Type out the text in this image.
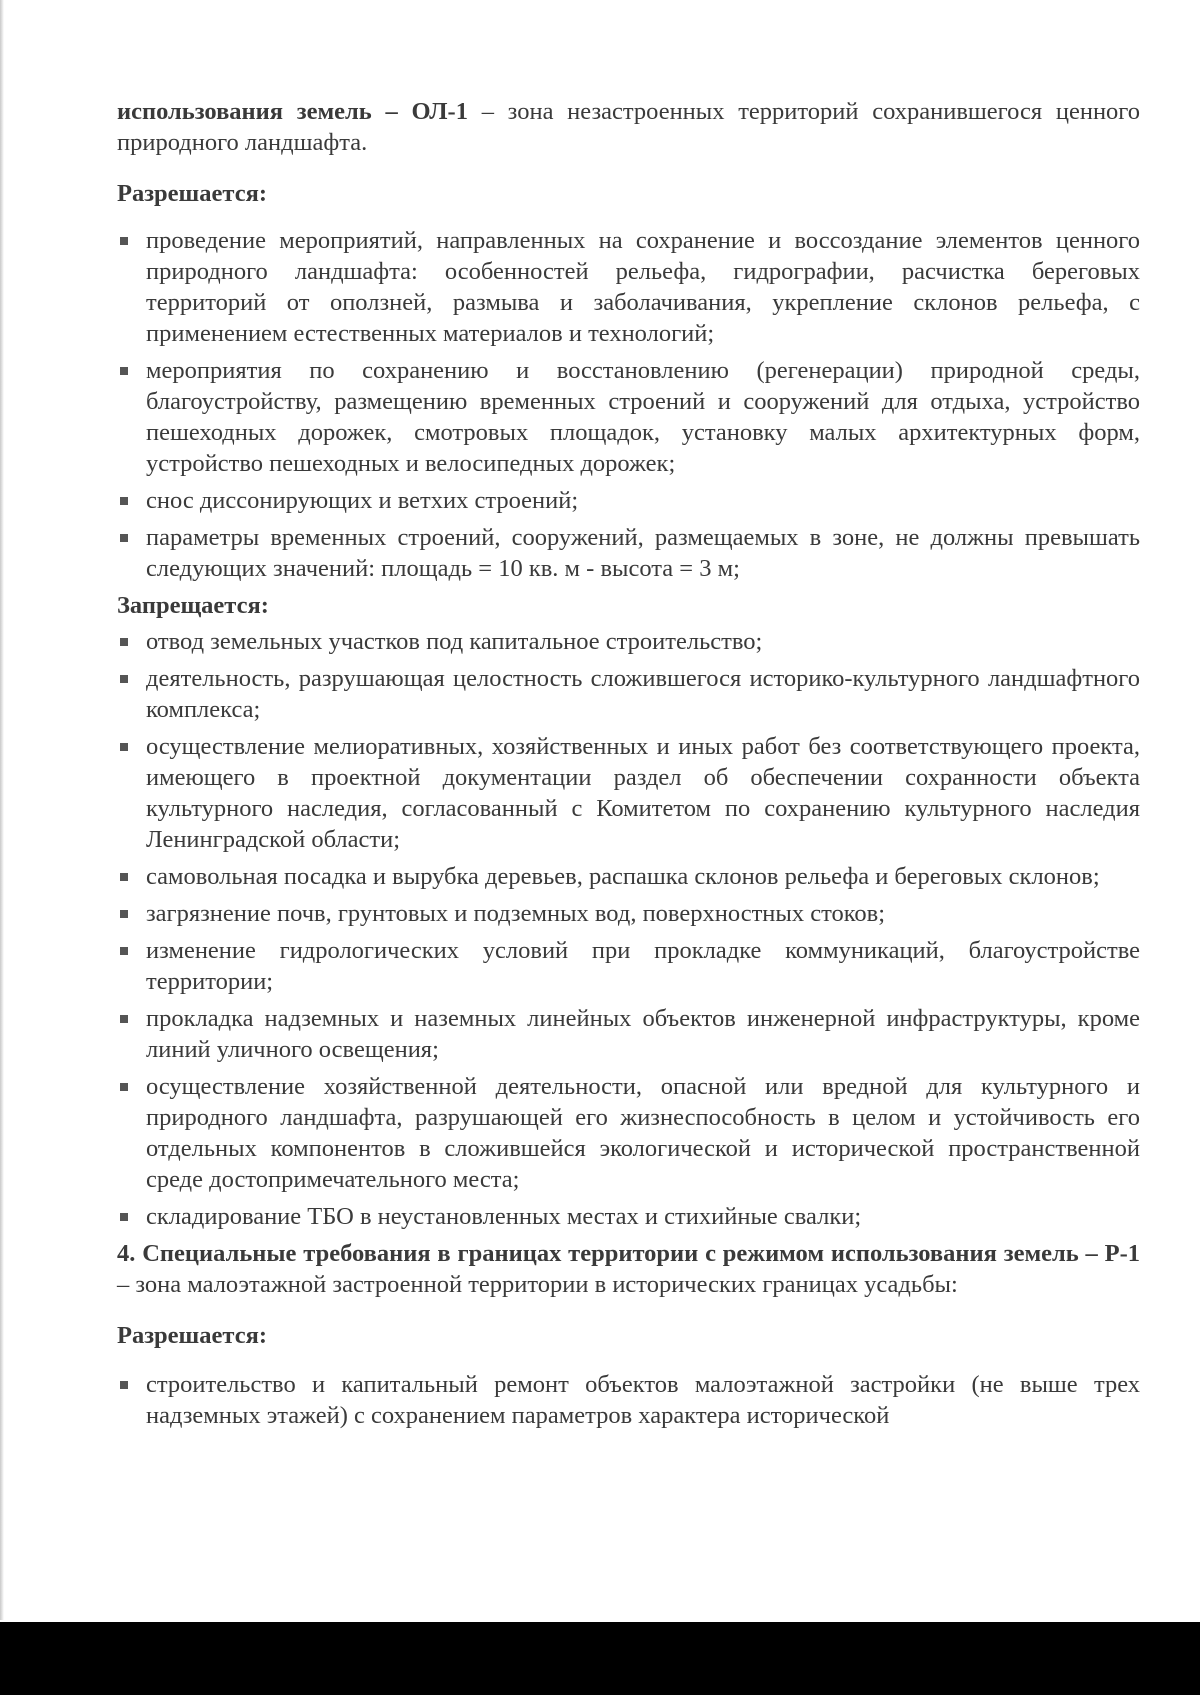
использования земель – ОЛ-1 – зона незастроенных территорий сохранившегося ценного природного ландшафта.

Разрешается:

проведение мероприятий, направленных на сохранение и воссоздание элементов ценного природного ландшафта: особенностей рельефа, гидрографии, расчистка береговых территорий от оползней, размыва и заболачивания, укрепление склонов рельефа, с применением естественных материалов и технологий;
мероприятия по сохранению и восстановлению (регенерации) природной среды, благоустройству, размещению временных строений и сооружений для отдыха, устройство пешеходных дорожек, смотровых площадок, установку малых архитектурных форм, устройство пешеходных и велосипедных дорожек;
снос диссонирующих и ветхих строений;
параметры временных строений, сооружений, размещаемых в зоне, не должны превышать следующих значений: площадь = 10 кв. м - высота = 3 м;

Запрещается:

отвод земельных участков под капитальное строительство;
деятельность, разрушающая целостность сложившегося историко-культурного ландшафтного комплекса;
осуществление мелиоративных, хозяйственных и иных работ без соответствующего проекта, имеющего в проектной документации раздел об обеспечении сохранности объекта культурного наследия, согласованный с Комитетом по сохранению культурного наследия Ленинградской области;
самовольная посадка и вырубка деревьев, распашка склонов рельефа и береговых склонов;
загрязнение почв, грунтовых и подземных вод, поверхностных стоков;
изменение гидрологических условий при прокладке коммуникаций, благоустройстве территории;
прокладка надземных и наземных линейных объектов инженерной инфраструктуры, кроме линий уличного освещения;
осуществление хозяйственной деятельности, опасной или вредной для культурного и природного ландшафта, разрушающей его жизнеспособность в целом и устойчивость его отдельных компонентов в сложившейся экологической и исторической пространственной среде достопримечательного места;
складирование ТБО в неустановленных местах и стихийные свалки;

4. Специальные требования в границах территории с режимом использования земель – Р-1 – зона малоэтажной застроенной территории в исторических границах усадьбы:

Разрешается:

строительство и капитальный ремонт объектов малоэтажной застройки (не выше трех надземных этажей) с сохранением параметров характера исторической
